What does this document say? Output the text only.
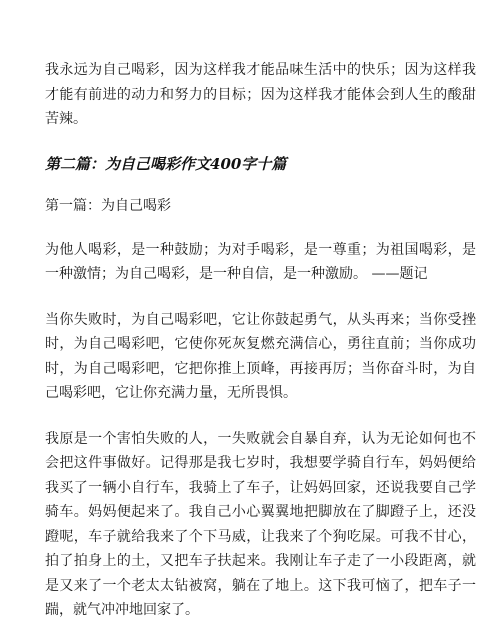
我永远为自己喝彩，因为这样我才能品味生活中的快乐；因为这样我才能有前进的动力和努力的目标；因为这样我才能体会到人生的酸甜苦辣。

第二篇：为自己喝彩作文400字十篇

第一篇：为自己喝彩

为他人喝彩，是一种鼓励；为对手喝彩，是一尊重；为祖国喝彩，是一种激情；为自己喝彩，是一种自信，是一种激励。 ——题记

当你失败时，为自己喝彩吧，它让你鼓起勇气，从头再来；当你受挫时，为自己喝彩吧，它使你死灰复燃充满信心，勇往直前；当你成功时，为自己喝彩吧，它把你推上顶峰，再接再厉；当你奋斗时，为自己喝彩吧，它让你充满力量，无所畏惧。

我原是一个害怕失败的人，一失败就会自暴自弃，认为无论如何也不会把这件事做好。记得那是我七岁时，我想要学骑自行车，妈妈便给我买了一辆小自行车，我骑上了车子，让妈妈回家，还说我要自己学骑车。妈妈便起来了。我自己小心翼翼地把脚放在了脚蹬子上，还没蹬呢，车子就给我来了个下马威，让我来了个狗吃屎。可我不甘心，拍了拍身上的土，又把车子扶起来。我刚让车子走了一小段距离，就是又来了一个老太太钻被窝，躺在了地上。这下我可恼了，把车子一踹，就气冲冲地回家了。
